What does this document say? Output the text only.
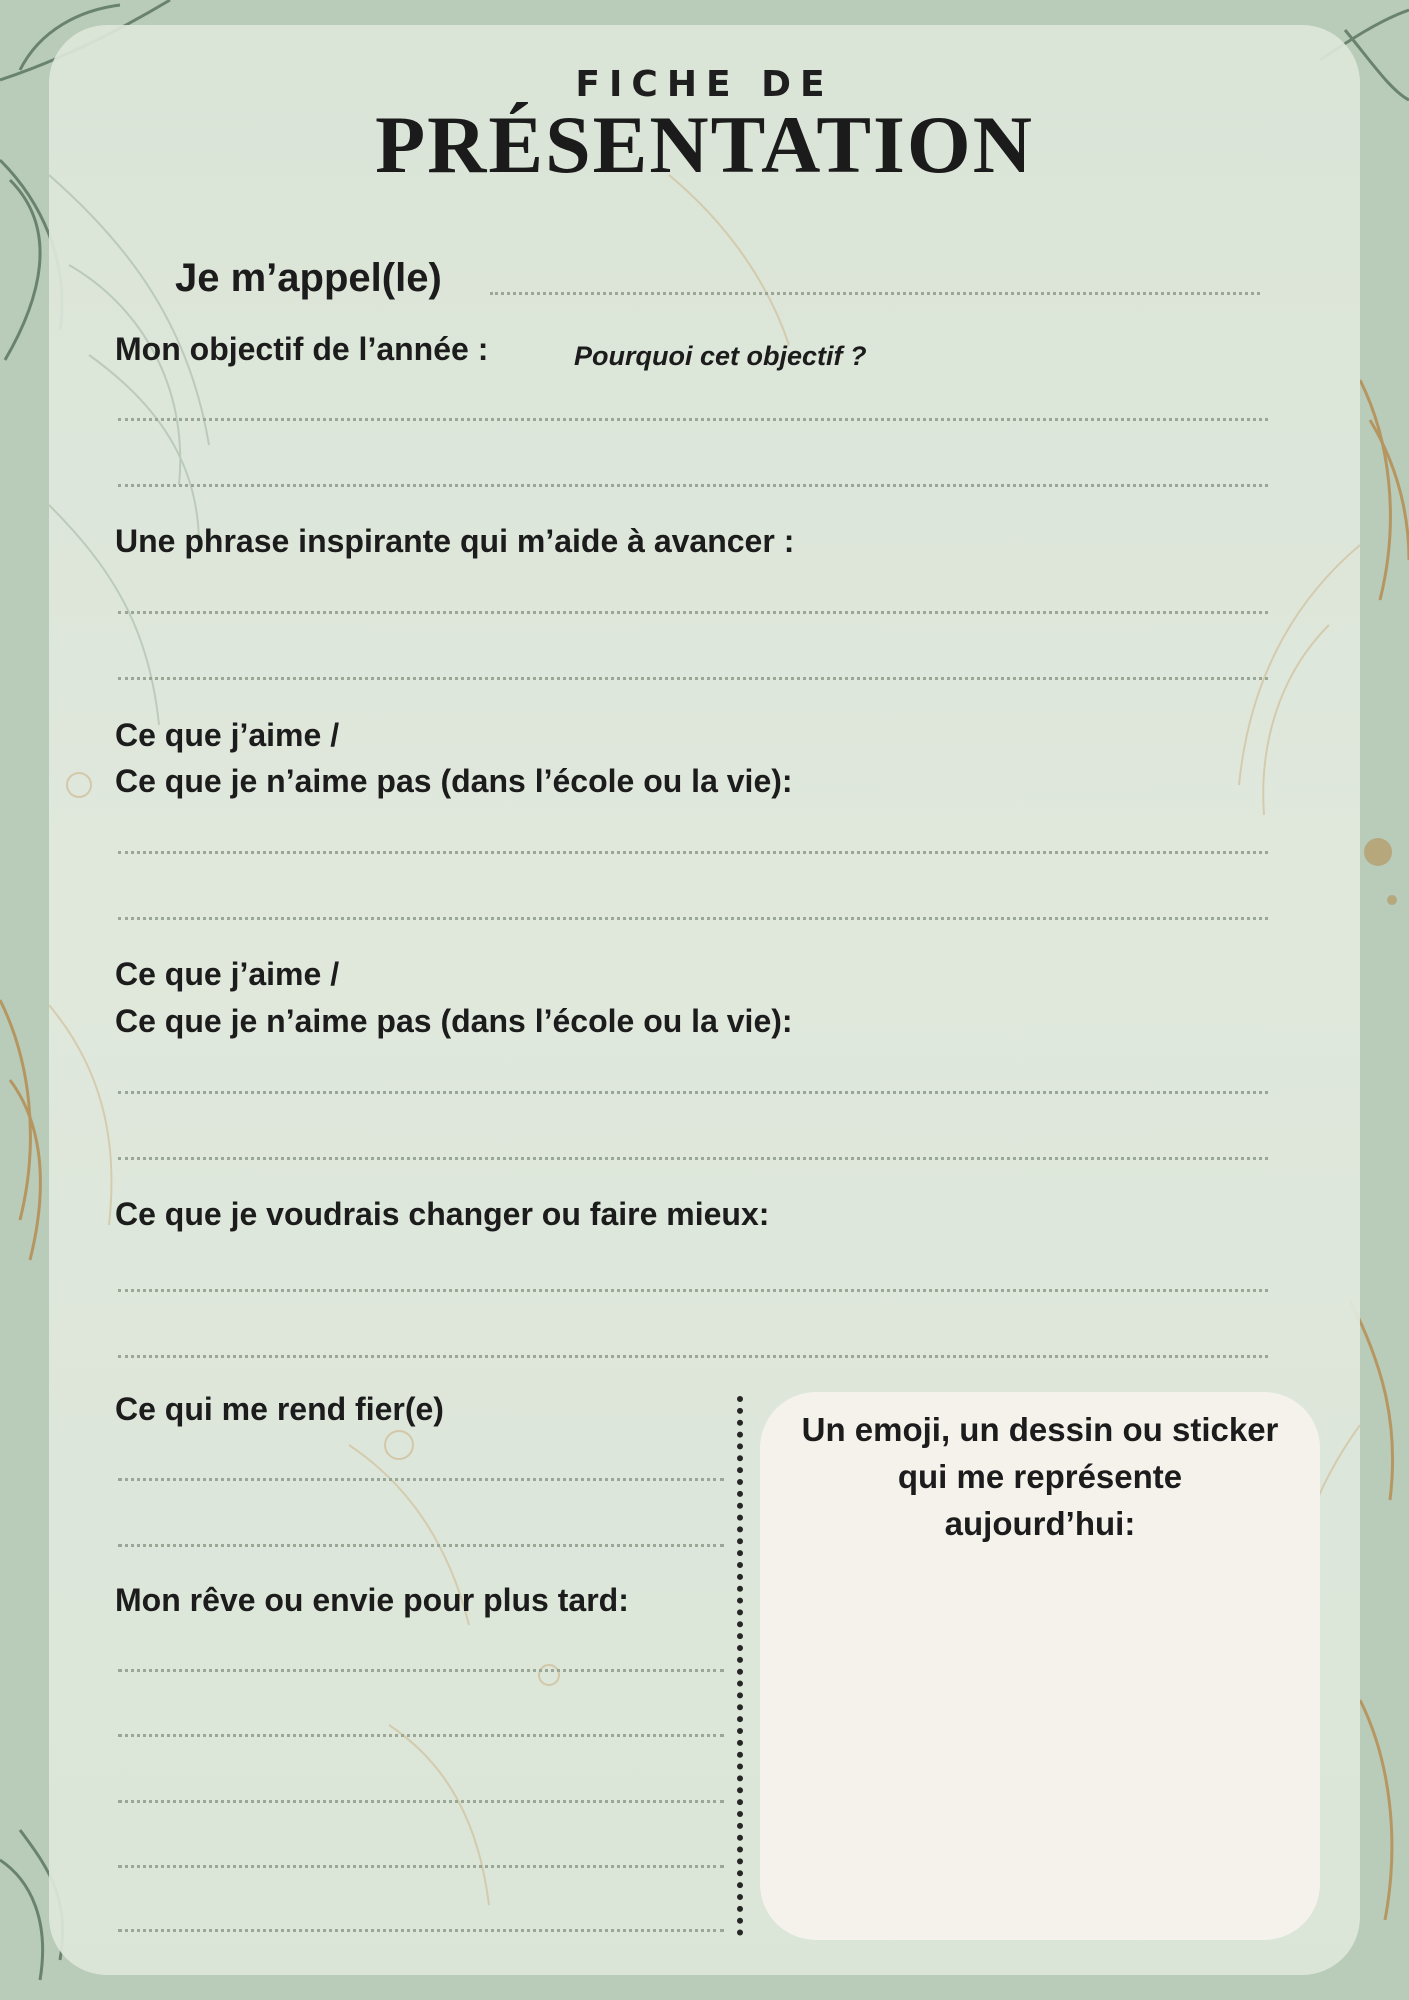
FICHE DE
PRÉSENTATION
Je m’appel(le)
Mon objectif de l’année :	Pourquoi cet objectif ?
Une phrase inspirante qui m’aide à avancer :
Ce que j’aime /
Ce que je n’aime pas (dans l’école ou la vie):
Ce que j’aime /
Ce que je n’aime pas (dans l’école ou la vie):
Ce que je voudrais changer ou faire mieux:
Ce qui me rend fier(e)
Mon rêve ou envie pour plus tard:
Un emoji, un dessin ou sticker qui me représente aujourd’hui:
